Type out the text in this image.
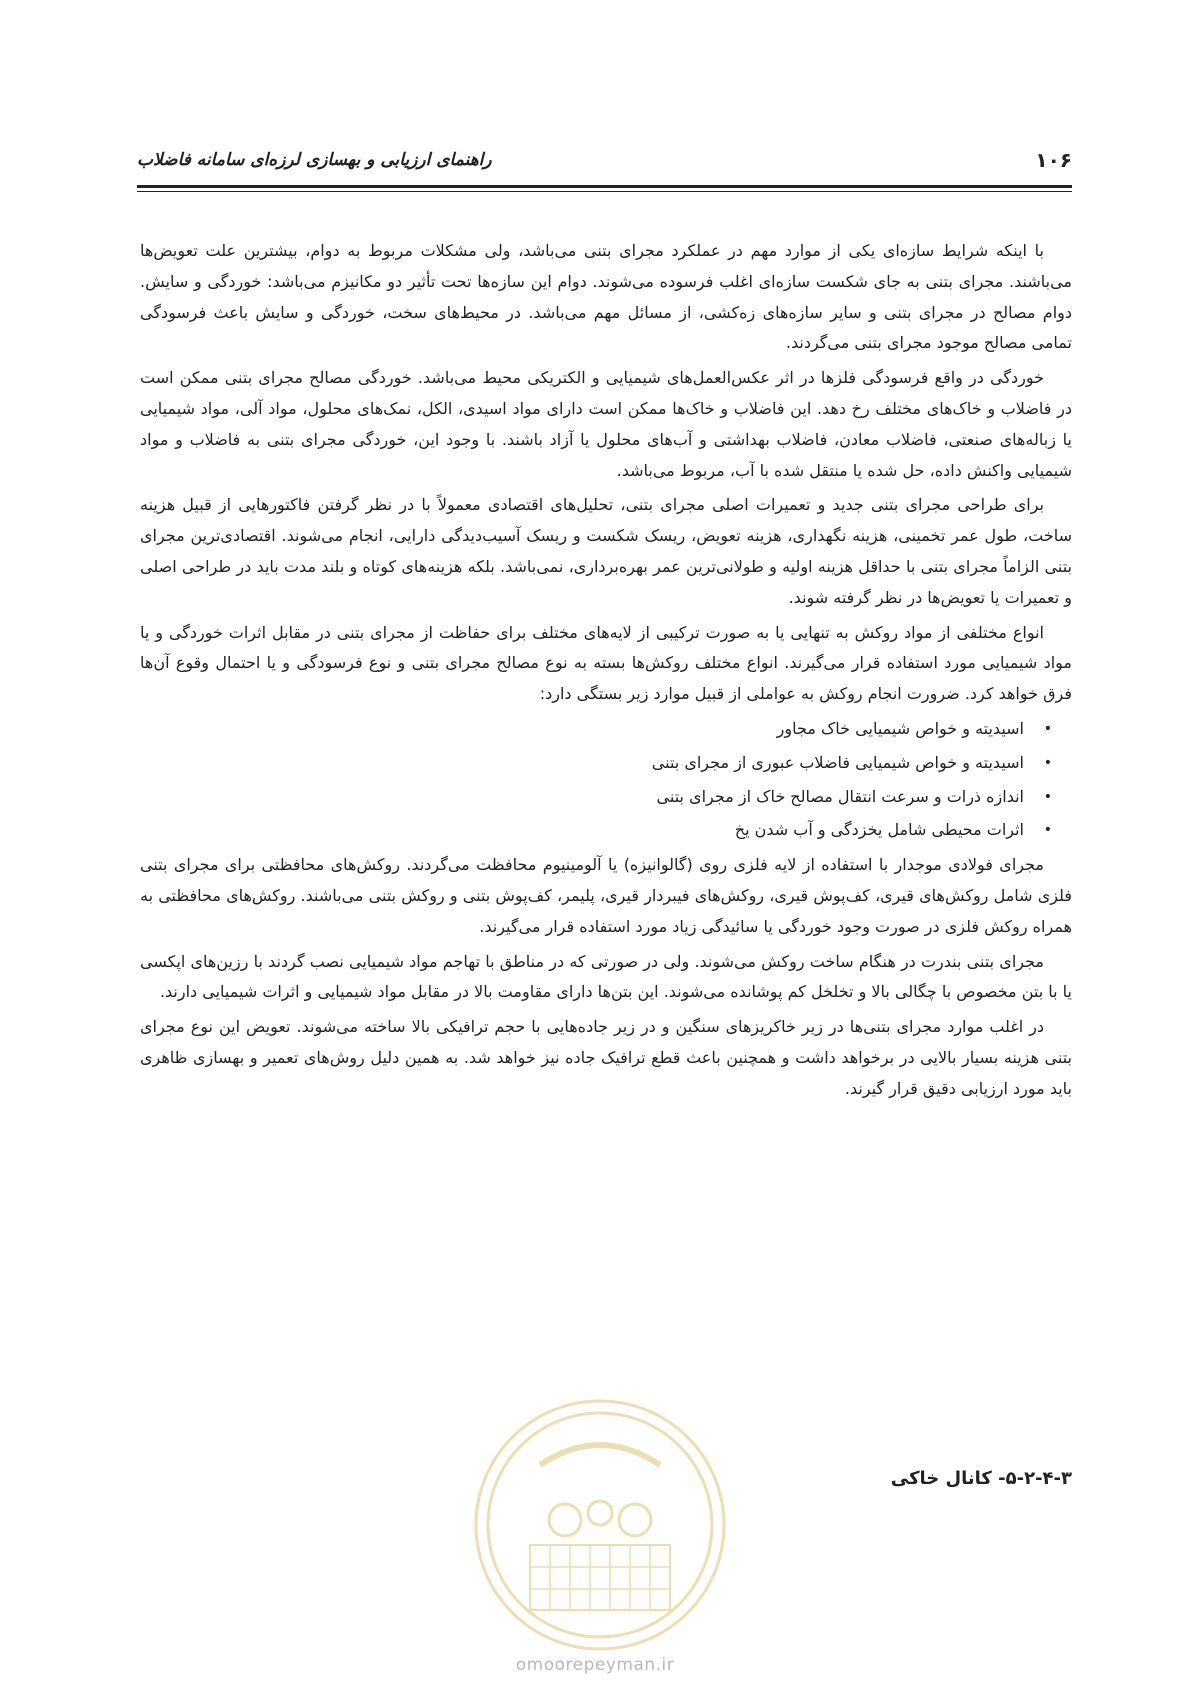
۱۰۶
راهنمای ارزیابی و بهسازی لرزه‌ای سامانه فاضلاب

با اینکه شرایط سازه‌ای یکی از موارد مهم در عملکرد مجرای بتنی می‌باشد، ولی مشکلات مربوط به دوام، بیشترین علت تعویض‌ها می‌باشند. مجرای بتنی به جای شکست سازه‌ای اغلب فرسوده می‌شوند. دوام این سازه‌ها تحت تأثیر دو مکانیزم می‌باشد: خوردگی و سایش. دوام مصالح در مجرای بتنی و سایر سازه‌های زه‌کشی، از مسائل مهم می‌باشد. در محیط‌های سخت، خوردگی و سایش باعث فرسودگی تمامی مصالح موجود مجرای بتنی می‌گردند.

خوردگی در واقع فرسودگی فلزها در اثر عکس‌العمل‌های شیمیایی و الکتریکی محیط می‌باشد. خوردگی مصالح مجرای بتنی ممکن است در فاضلاب و خاک‌های مختلف رخ دهد. این فاضلاب و خاک‌ها ممکن است دارای مواد اسیدی، الکل، نمک‌های محلول، مواد آلی، مواد شیمیایی یا زباله‌های صنعتی، فاضلاب معادن، فاضلاب بهداشتی و آب‌های محلول یا آزاد باشند. با وجود این، خوردگی مجرای بتنی به فاضلاب و مواد شیمیایی واکنش داده، حل شده یا منتقل شده با آب، مربوط می‌باشد.

برای طراحی مجرای بتنی جدید و تعمیرات اصلی مجرای بتنی، تحلیل‌های اقتصادی معمولاً با در نظر گرفتن فاکتورهایی از قبیل هزینه ساخت، طول عمر تخمینی، هزینه نگهداری، هزینه تعویض، ریسک شکست و ریسک آسیب‌دیدگی دارایی، انجام می‌شوند. اقتصادی‌ترین مجرای بتنی الزاماً مجرای بتنی با حداقل هزینه اولیه و طولانی‌ترین عمر بهره‌برداری، نمی‌باشد. بلکه هزینه‌های کوتاه و بلند مدت باید در طراحی اصلی و تعمیرات یا تعویض‌ها در نظر گرفته شوند.

انواع مختلفی از مواد روکش به تنهایی یا به صورت ترکیبی از لایه‌های مختلف برای حفاظت از مجرای بتنی در مقابل اثرات خوردگی و یا مواد شیمیایی مورد استفاده قرار می‌گیرند. انواع مختلف روکش‌ها بسته به نوع مصالح مجرای بتنی و نوع فرسودگی و یا احتمال وقوع آن‌ها فرق خواهد کرد. ضرورت انجام روکش به عواملی از قبیل موارد زیر بستگی دارد:

•
اسیدیته و خواص شیمیایی خاک مجاور
•
اسیدیته و خواص شیمیایی فاضلاب عبوری از مجرای بتنی
•
اندازه ذرات و سرعت انتقال مصالح خاک از مجرای بتنی
•
اثرات محیطی شامل یخزدگی و آب شدن یخ

مجرای فولادی موجدار با استفاده از لایه فلزی روی (گالوانیزه) یا آلومینیوم محافظت می‌گردند. روکش‌های محافظتی برای مجرای بتنی فلزی شامل روکش‌های قیری، کف‌پوش قیری، روکش‌های فیبردار قیری، پلیمر، کف‌پوش بتنی و روکش بتنی می‌باشند. روکش‌های محافظتی به همراه روکش فلزی در صورت وجود خوردگی یا سائیدگی زیاد مورد استفاده قرار می‌گیرند.

مجرای بتنی بندرت در هنگام ساخت روکش می‌شوند. ولی در صورتی که در مناطق با تهاجم مواد شیمیایی نصب گردند با رزین‌های اپکسی یا با بتن مخصوص با چگالی بالا و تخلخل کم پوشانده می‌شوند. این بتن‌ها دارای مقاومت بالا در مقابل مواد شیمیایی و اثرات شیمیایی دارند.

در اغلب موارد مجرای بتنی‌ها در زیر خاکریزهای سنگین و در زیر جاده‌هایی با حجم ترافیکی بالا ساخته می‌شوند. تعویض این نوع مجرای بتنی هزینه بسیار بالایی در برخواهد داشت و همچنین باعث قطع ترافیک جاده نیز خواهد شد. به همین دلیل روش‌های تعمیر و بهسازی ظاهری باید مورد ارزیابی دقیق قرار گیرند.

۵-۲-۴-۳- کانال خاکی
omoorepeyman.ir
